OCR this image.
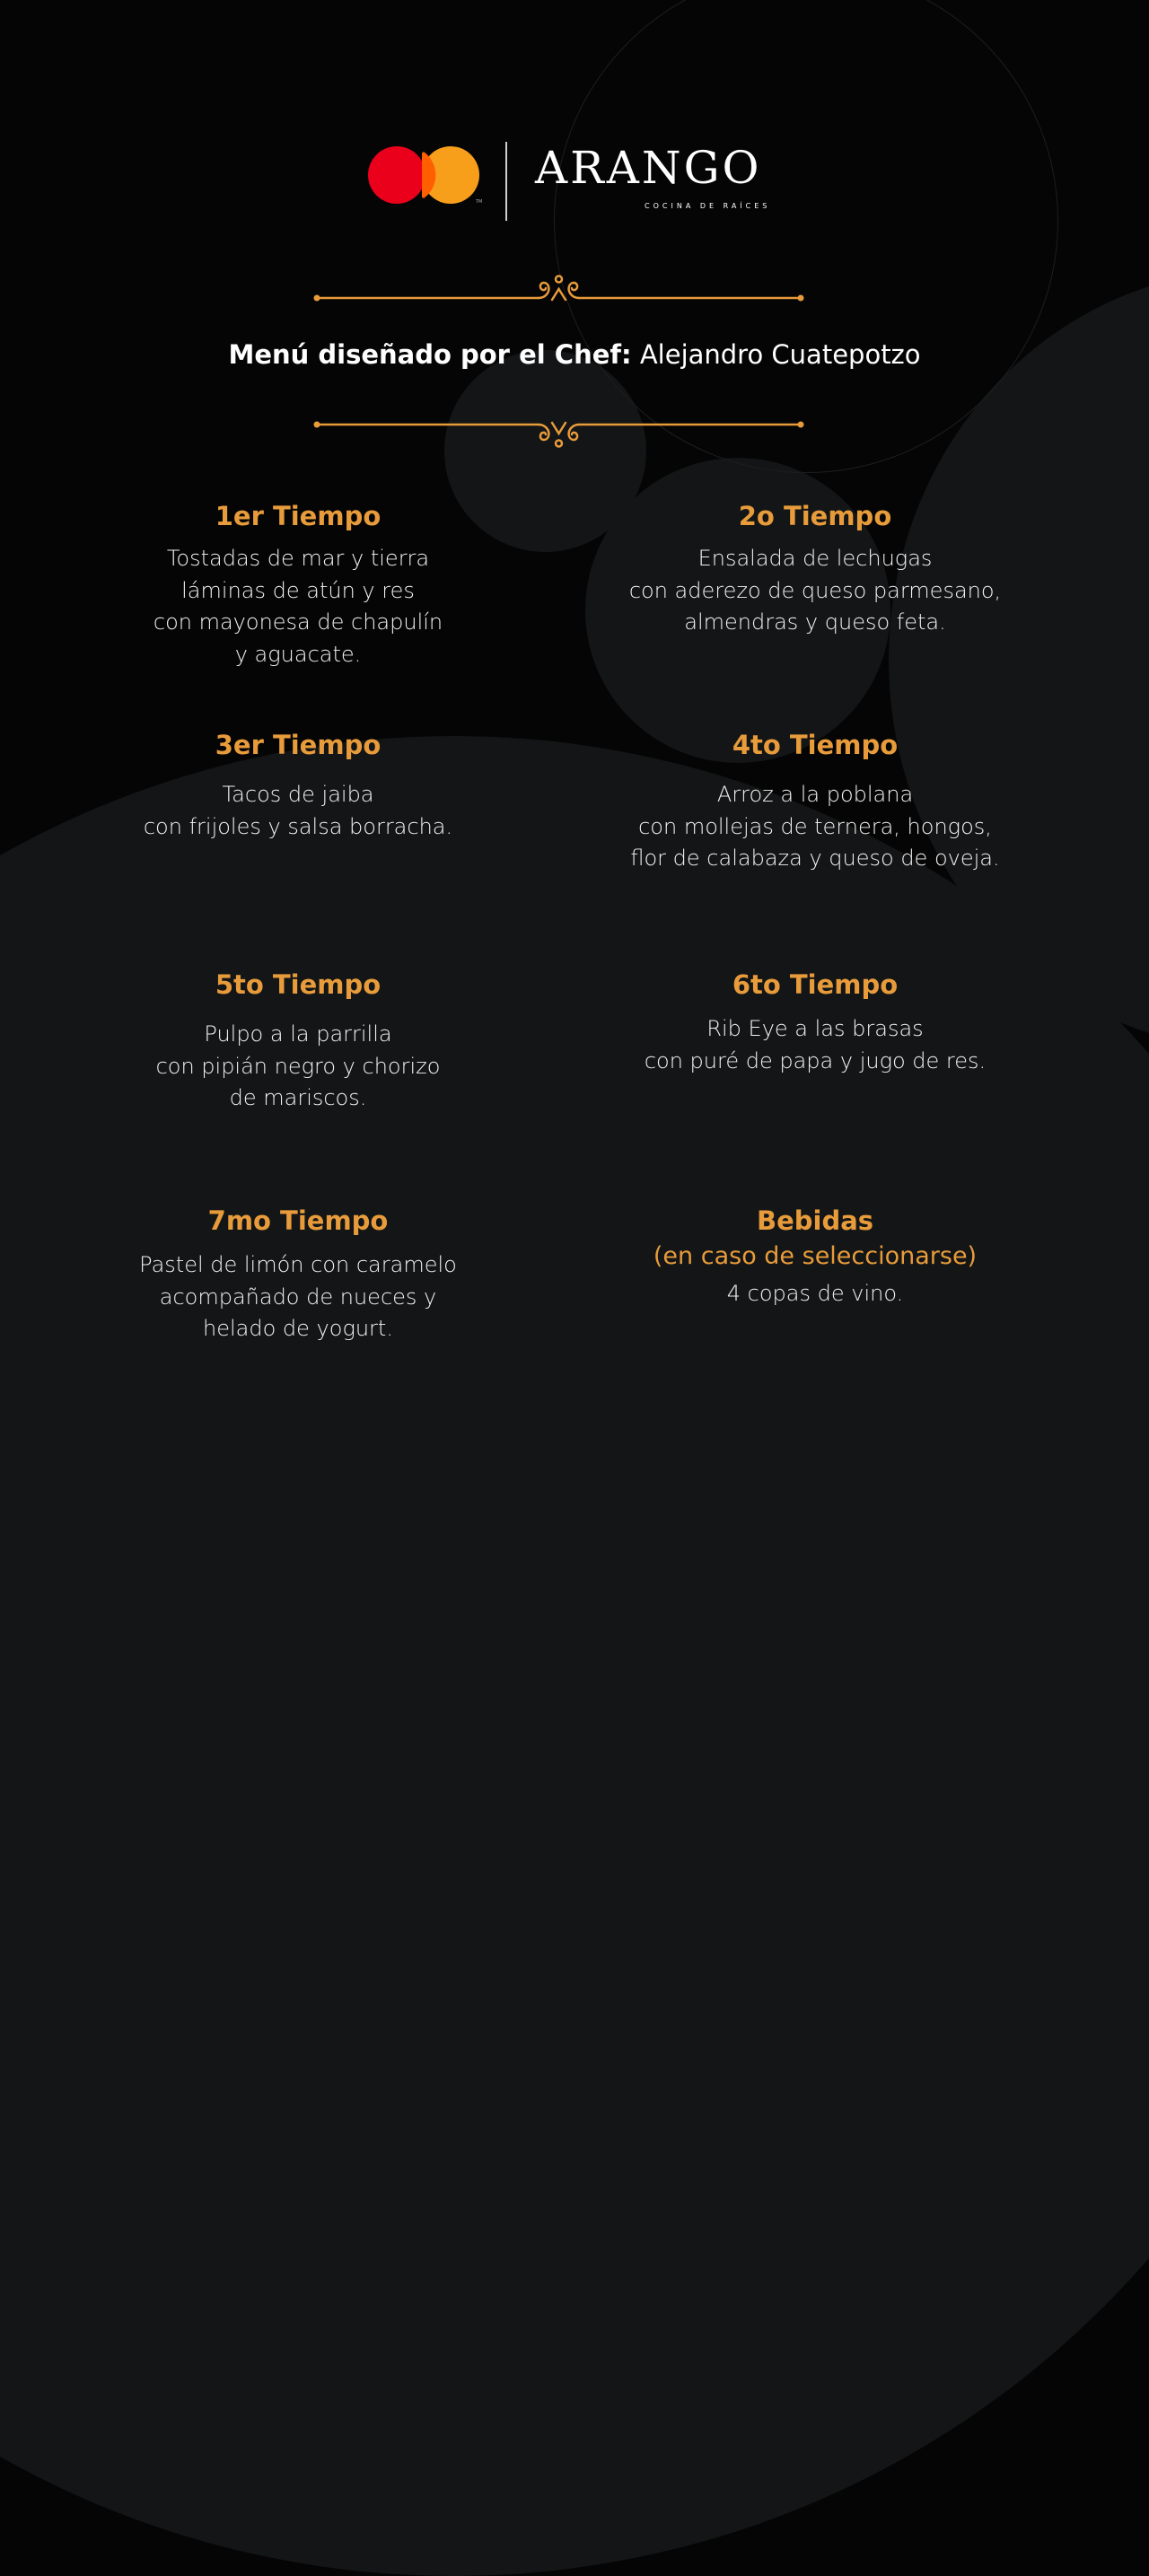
TM
ARANGO
COCINA DE RAÍCES
Menú diseñado por el Chef: Alejandro Cuatepotzo

1er Tiempo

Tostadas de mar y tierra
láminas de atún y res
con mayonesa de chapulín
y aguacate.

2o Tiempo

Ensalada de lechugas
con aderezo de queso parmesano,
almendras y queso feta.

3er Tiempo

Tacos de jaiba
con frijoles y salsa borracha.

4to Tiempo

Arroz a la poblana
con mollejas de ternera, hongos,
flor de calabaza y queso de oveja.

5to Tiempo

Pulpo a la parrilla
con pipián negro y chorizo
de mariscos.

6to Tiempo

Rib Eye a las brasas
con puré de papa y jugo de res.

7mo Tiempo

Pastel de limón con caramelo
acompañado de nueces y
helado de yogurt.

Bebidas

(en caso de seleccionarse)

4 copas de vino.
